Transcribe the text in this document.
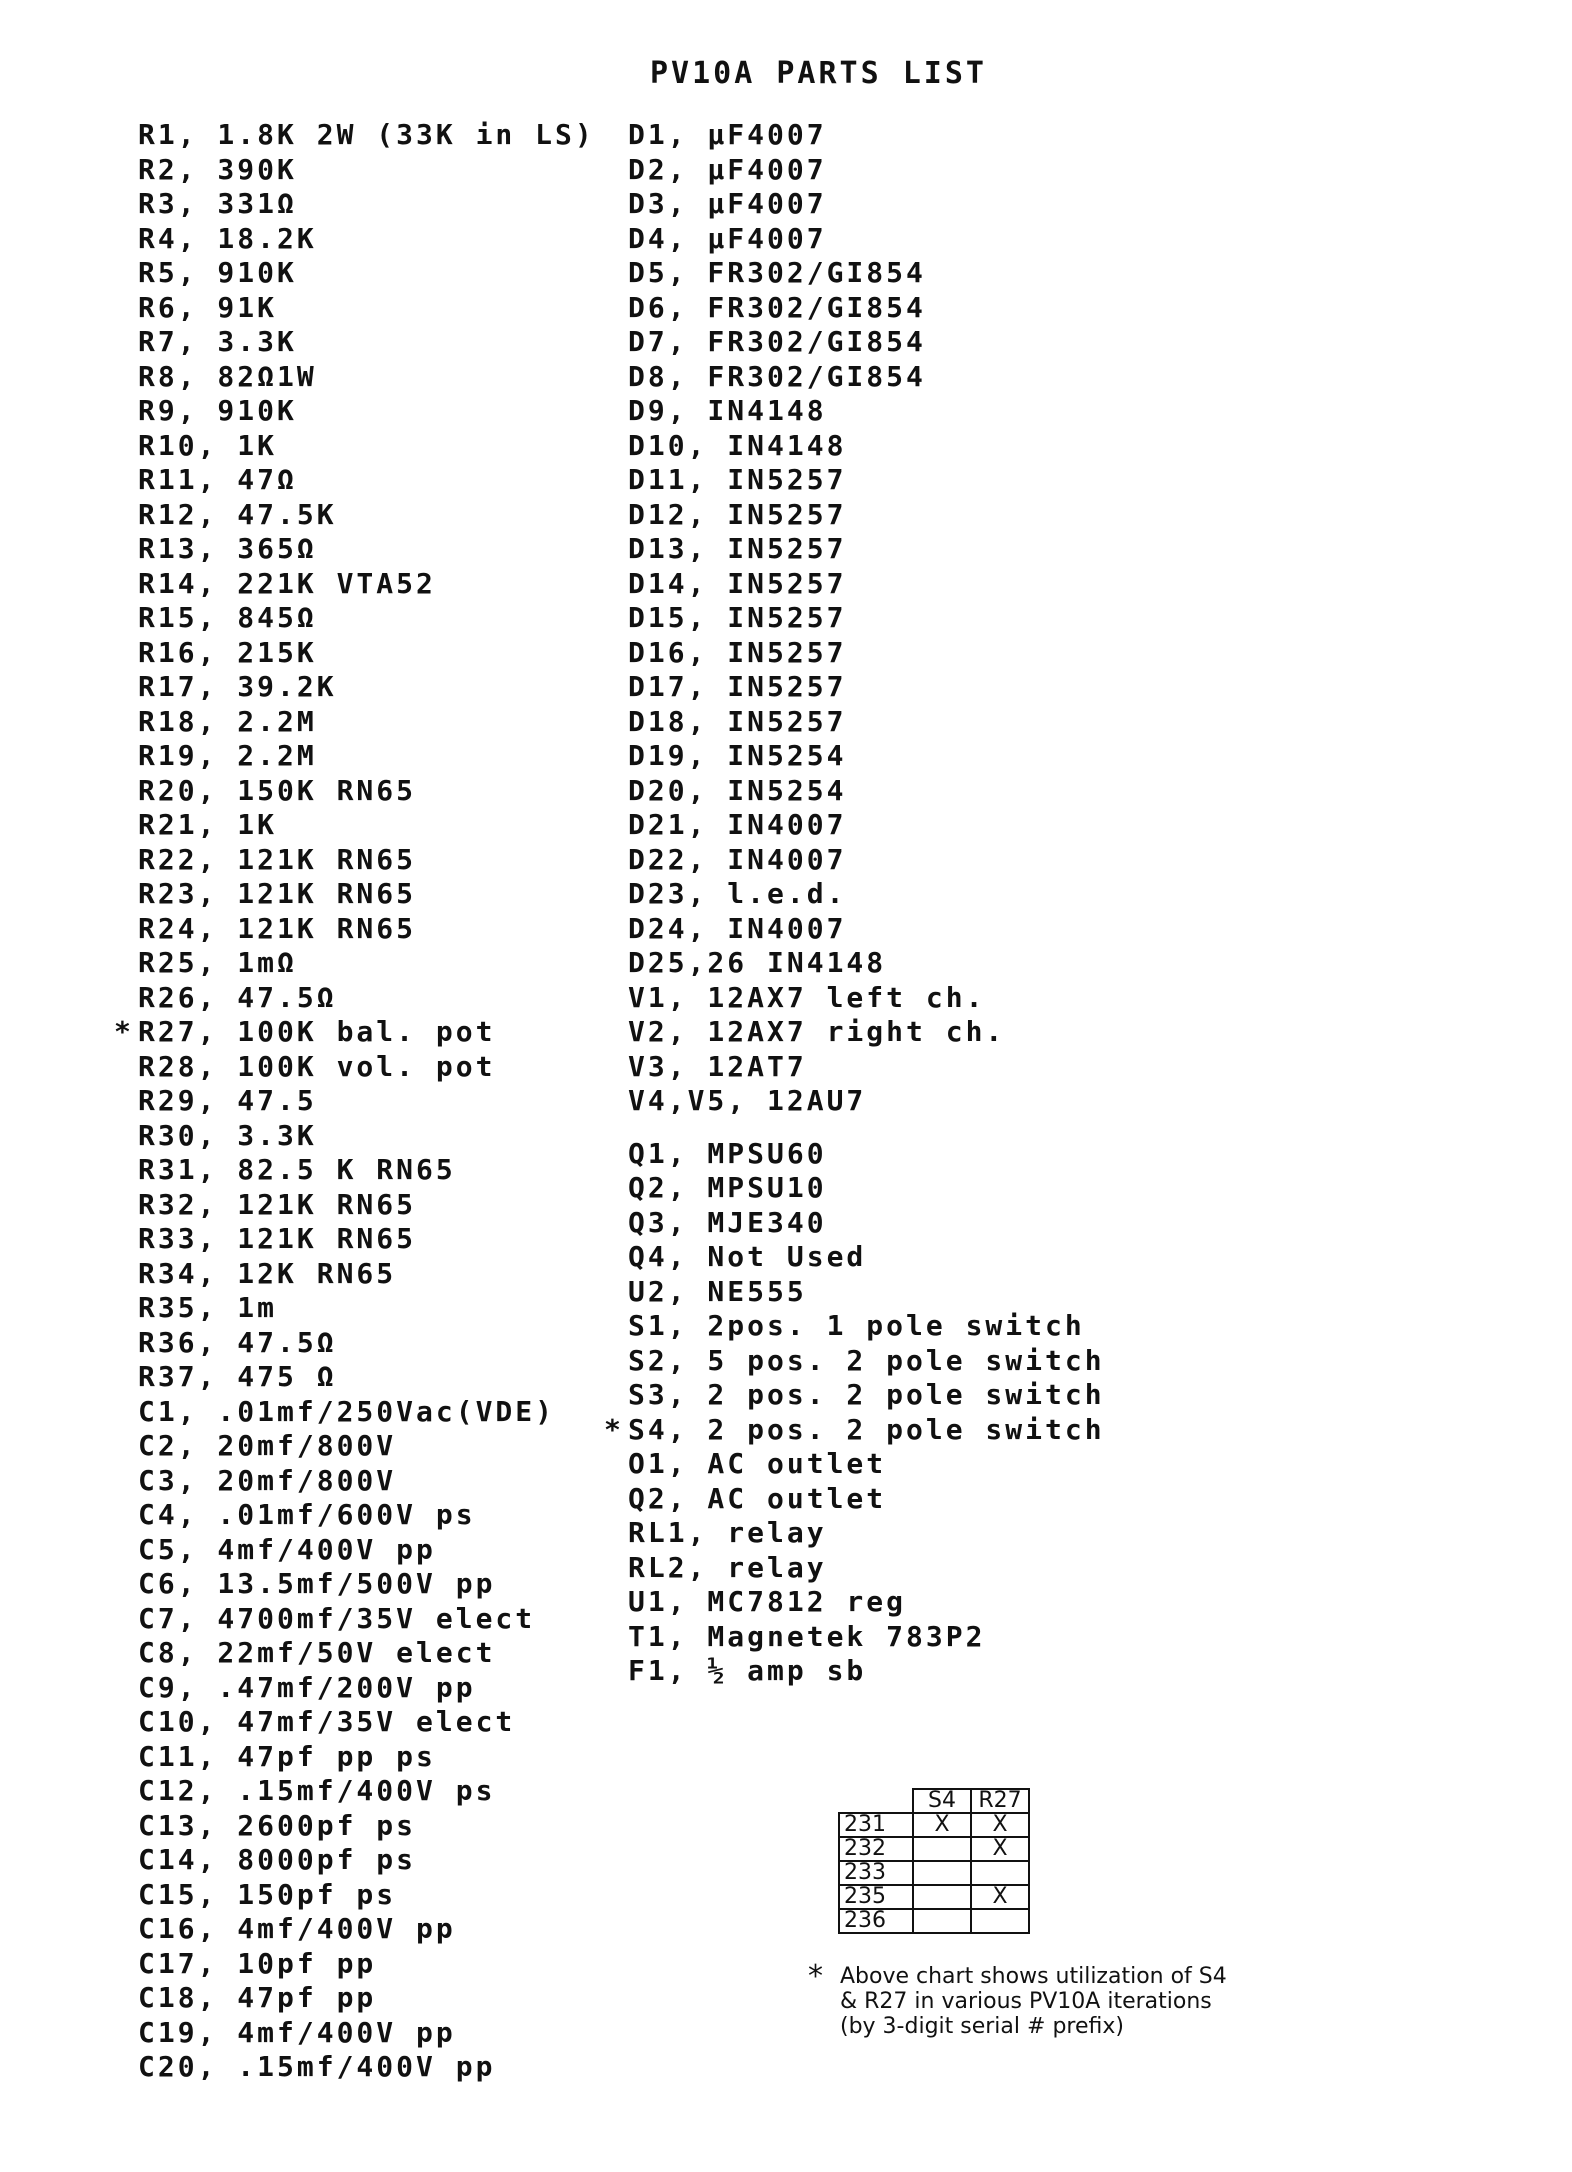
PV10A PARTS LIST
R1, 1.8K 2W (33K in LS)
R2, 390K
R3, 331Ω
R4, 18.2K
R5, 910K
R6, 91K
R7, 3.3K
R8, 82Ω1W
R9, 910K
R10, 1K
R11, 47Ω
R12, 47.5K
R13, 365Ω
R14, 221K VTA52
R15, 845Ω
R16, 215K
R17, 39.2K
R18, 2.2M
R19, 2.2M
R20, 150K RN65
R21, 1K
R22, 121K RN65
R23, 121K RN65
R24, 121K RN65
R25, 1mΩ
R26, 47.5Ω
* R27, 100K bal. pot
R28, 100K vol. pot
R29, 47.5
R30, 3.3K
R31, 82.5 K RN65
R32, 121K RN65
R33, 121K RN65
R34, 12K RN65
R35, 1m
R36, 47.5Ω
R37, 475 Ω
C1, .01mf/250Vac(VDE)
C2, 20mf/800V
C3, 20mf/800V
C4, .01mf/600V ps
C5, 4mf/400V pp
C6, 13.5mf/500V pp
C7, 4700mf/35V elect
C8, 22mf/50V elect
C9, .47mf/200V pp
C10, 47mf/35V elect
C11, 47pf pp ps
C12, .15mf/400V ps
C13, 2600pf ps
C14, 8000pf ps
C15, 150pf ps
C16, 4mf/400V pp
C17, 10pf pp
C18, 47pf pp
C19, 4mf/400V pp
C20, .15mf/400V pp
D1, µF4007
D2, µF4007
D3, µF4007
D4, µF4007
D5, FR302/GI854
D6, FR302/GI854
D7, FR302/GI854
D8, FR302/GI854
D9, IN4148
D10, IN4148
D11, IN5257
D12, IN5257
D13, IN5257
D14, IN5257
D15, IN5257
D16, IN5257
D17, IN5257
D18, IN5257
D19, IN5254
D20, IN5254
D21, IN4007
D22, IN4007
D23, l.e.d.
D24, IN4007
D25,26 IN4148
V1, 12AX7 left ch.
V2, 12AX7 right ch.
V3, 12AT7
V4,V5, 12AU7
Q1, MPSU60
Q2, MPSU10
Q3, MJE340
Q4, Not Used
U2, NE555
S1, 2pos. 1 pole switch
S2, 5 pos. 2 pole switch
S3, 2 pos. 2 pole switch
* S4, 2 pos. 2 pole switch
O1, AC outlet
Q2, AC outlet
RL1, relay
RL2, relay
U1, MC7812 reg
T1, Magnetek 783P2
F1, ½ amp sb
	S4	R27
231	X	X
232		X
233		
235		X
236		
* Above chart shows utilization of S4 & R27 in various PV10A iterations (by 3-digit serial # prefix)
